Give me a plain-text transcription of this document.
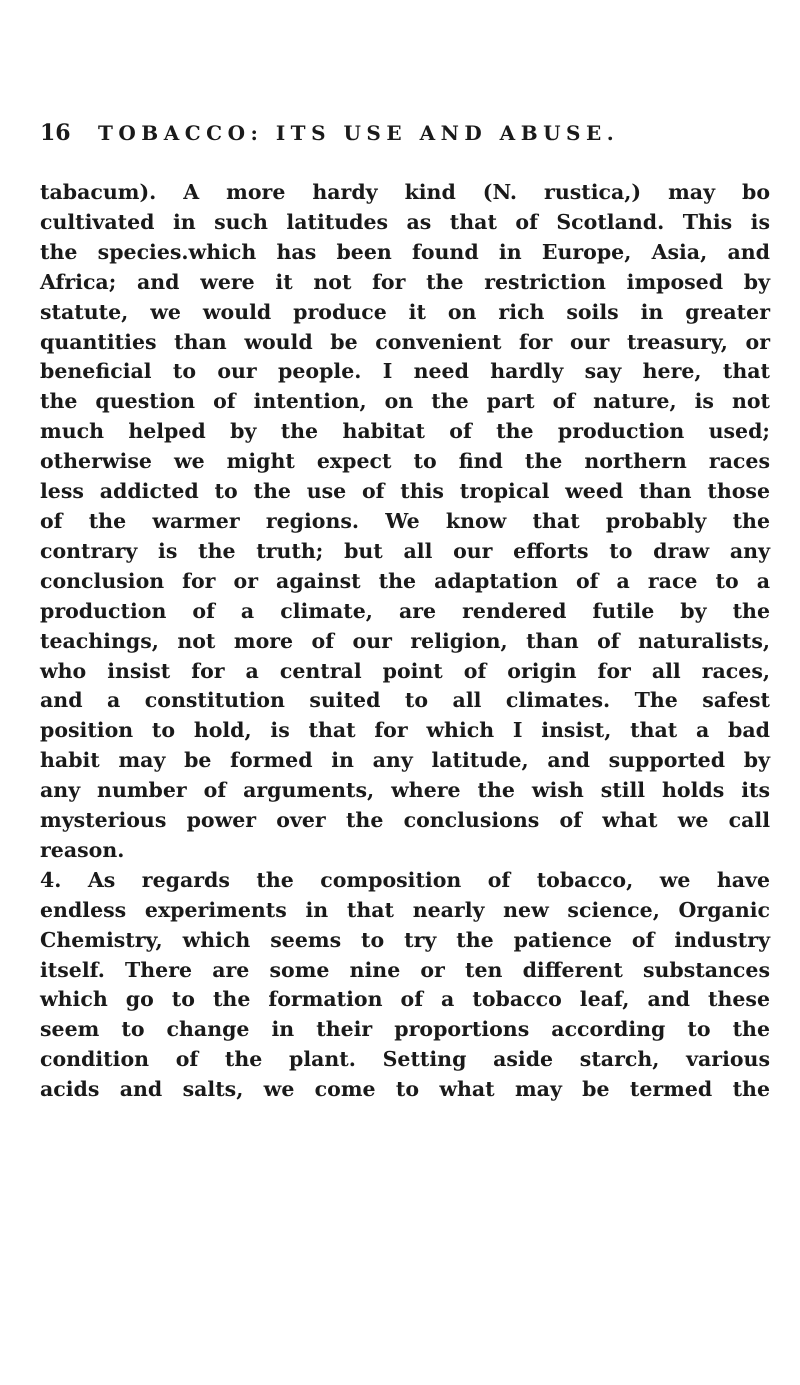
16 TOBACCO: ITS USE AND ABUSE.
tabacum). A more hardy kind (N. rustica,) may bo
cultivated in such latitudes as that of Scotland. This is
the species.which has been found in Europe, Asia, and
Africa; and were it not for the restriction imposed by
statute, we would produce it on rich soils in greater
quantities than would be convenient for our treasury, or
beneficial to our people. I need hardly say here, that
the question of intention, on the part of nature, is not
much helped by the habitat of the production used;
otherwise we might expect to find the northern races
less addicted to the use of this tropical weed than those
of the warmer regions. We know that probably the
contrary is the truth; but all our efforts to draw any
conclusion for or against the adaptation of a race to a
production of a climate, are rendered futile by the
teachings, not more of our religion, than of naturalists,
who insist for a central point of origin for all races,
and a constitution suited to all climates. The safest
position to hold, is that for which I insist, that a bad
habit may be formed in any latitude, and supported by
any number of arguments, where the wish still holds its
mysterious power over the conclusions of what we call
reason.
4. As regards the composition of tobacco, we have
endless experiments in that nearly new science, Organic
Chemistry, which seems to try the patience of industry
itself. There are some nine or ten different substances
which go to the formation of a tobacco leaf, and these
seem to change in their proportions according to the
condition of the plant. Setting aside starch, various
acids and salts, we come to what may be termed the
